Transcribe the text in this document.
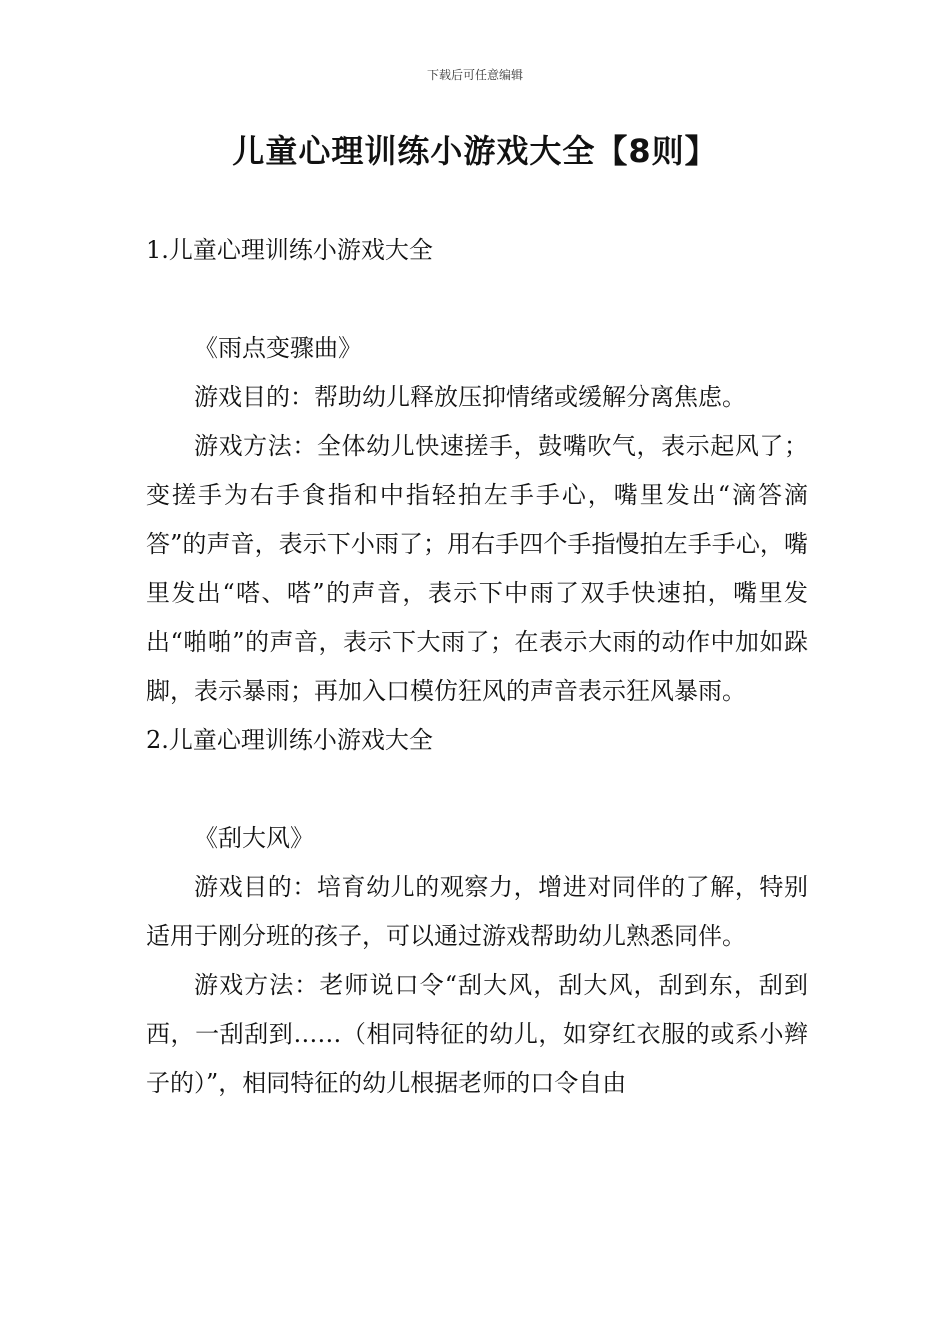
下载后可任意编辑
儿童心理训练小游戏大全【8则】

1.儿童心理训练小游戏大全

《雨点变骤曲》

游戏目的：帮助幼儿释放压抑情绪或缓解分离焦虑。

游戏方法：全体幼儿快速搓手，鼓嘴吹气，表示起风了；变搓手为右手食指和中指轻拍左手手心，嘴里发出“滴答滴答”的声音，表示下小雨了；用右手四个手指慢拍左手手心，嘴里发出“嗒、嗒”的声音，表示下中雨了双手快速拍，嘴里发出“啪啪”的声音，表示下大雨了；在表示大雨的动作中加如跺脚，表示暴雨；再加入口模仿狂风的声音表示狂风暴雨。

2.儿童心理训练小游戏大全

《刮大风》

游戏目的：培育幼儿的观察力，增进对同伴的了解，特别适用于刚分班的孩子，可以通过游戏帮助幼儿熟悉同伴。

游戏方法：老师说口令“刮大风，刮大风，刮到东，刮到西，一刮刮到……（相同特征的幼儿，如穿红衣服的或系小辫子的）”，相同特征的幼儿根据老师的口令自由
